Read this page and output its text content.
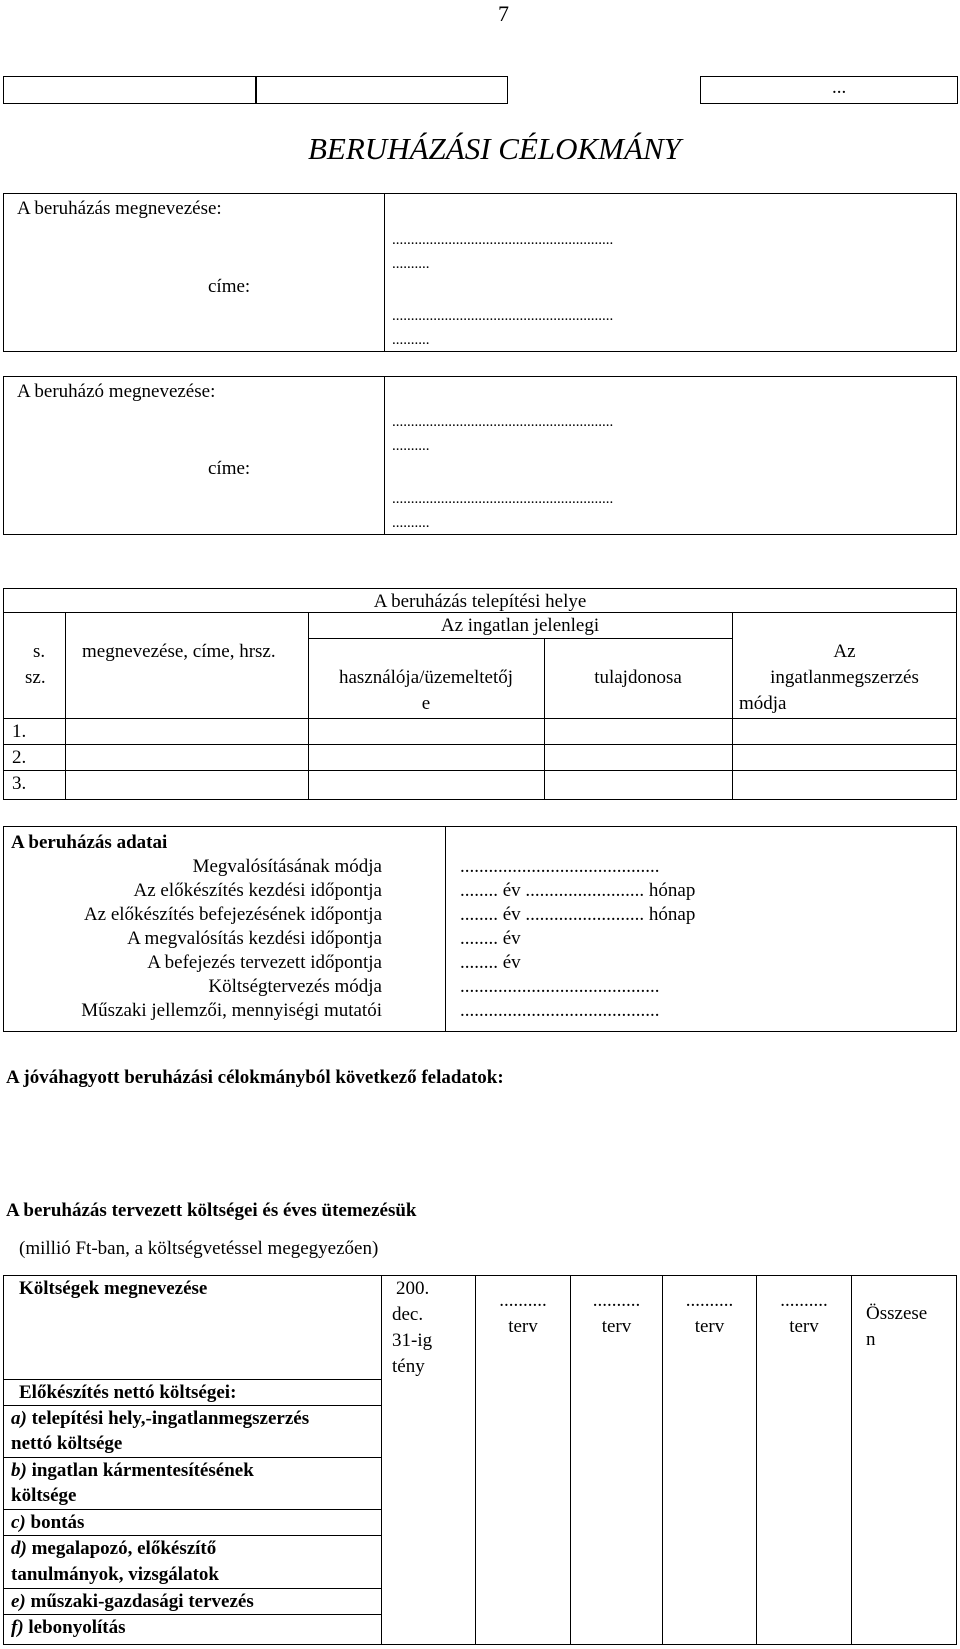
7
...
BERUHÁZÁSI CÉLOKMÁNY
A beruházás megnevezése:
...........................................................
..........
címe:
...........................................................
..........
A beruházó megnevezése:
...........................................................
..........
címe:
...........................................................
..........
A beruházás telepítési helye
Az ingatlan jelenlegi
s.
sz.
megnevezése, címe, hrsz.
használója/üzemeltetőj
e
tulajdonosa
Az
ingatlanmegszerzés
módja
1.
2.
3.
A beruházás adatai
Megvalósításának módja
Az előkészítés kezdési időpontja
Az előkészítés befejezésének időpontja
A megvalósítás kezdési időpontja
A befejezés tervezett időpontja
Költségtervezés módja
Műszaki jellemzői, mennyiségi mutatói
..........................................
........ év ......................... hónap
........ év ......................... hónap
........ év
........ év
..........................................
..........................................
A jóváhagyott beruházási célokmányból következő feladatok:
A beruházás tervezett költségei és éves ütemezésük
(millió Ft-ban, a költségvetéssel megegyezően)
Költségek megnevezése	200.
dec.
31-ig
tény
..........
terv
..........
terv
..........
terv
..........
terv
Összese
n
Előkészítés nettó költségei:
a) telepítési hely,-ingatlanmegszerzés
nettó költsége
b) ingatlan kármentesítésének
költsége
c) bontás
d) megalapozó, előkészítő
tanulmányok, vizsgálatok
e) műszaki-gazdasági tervezés
f) lebonyolítás
